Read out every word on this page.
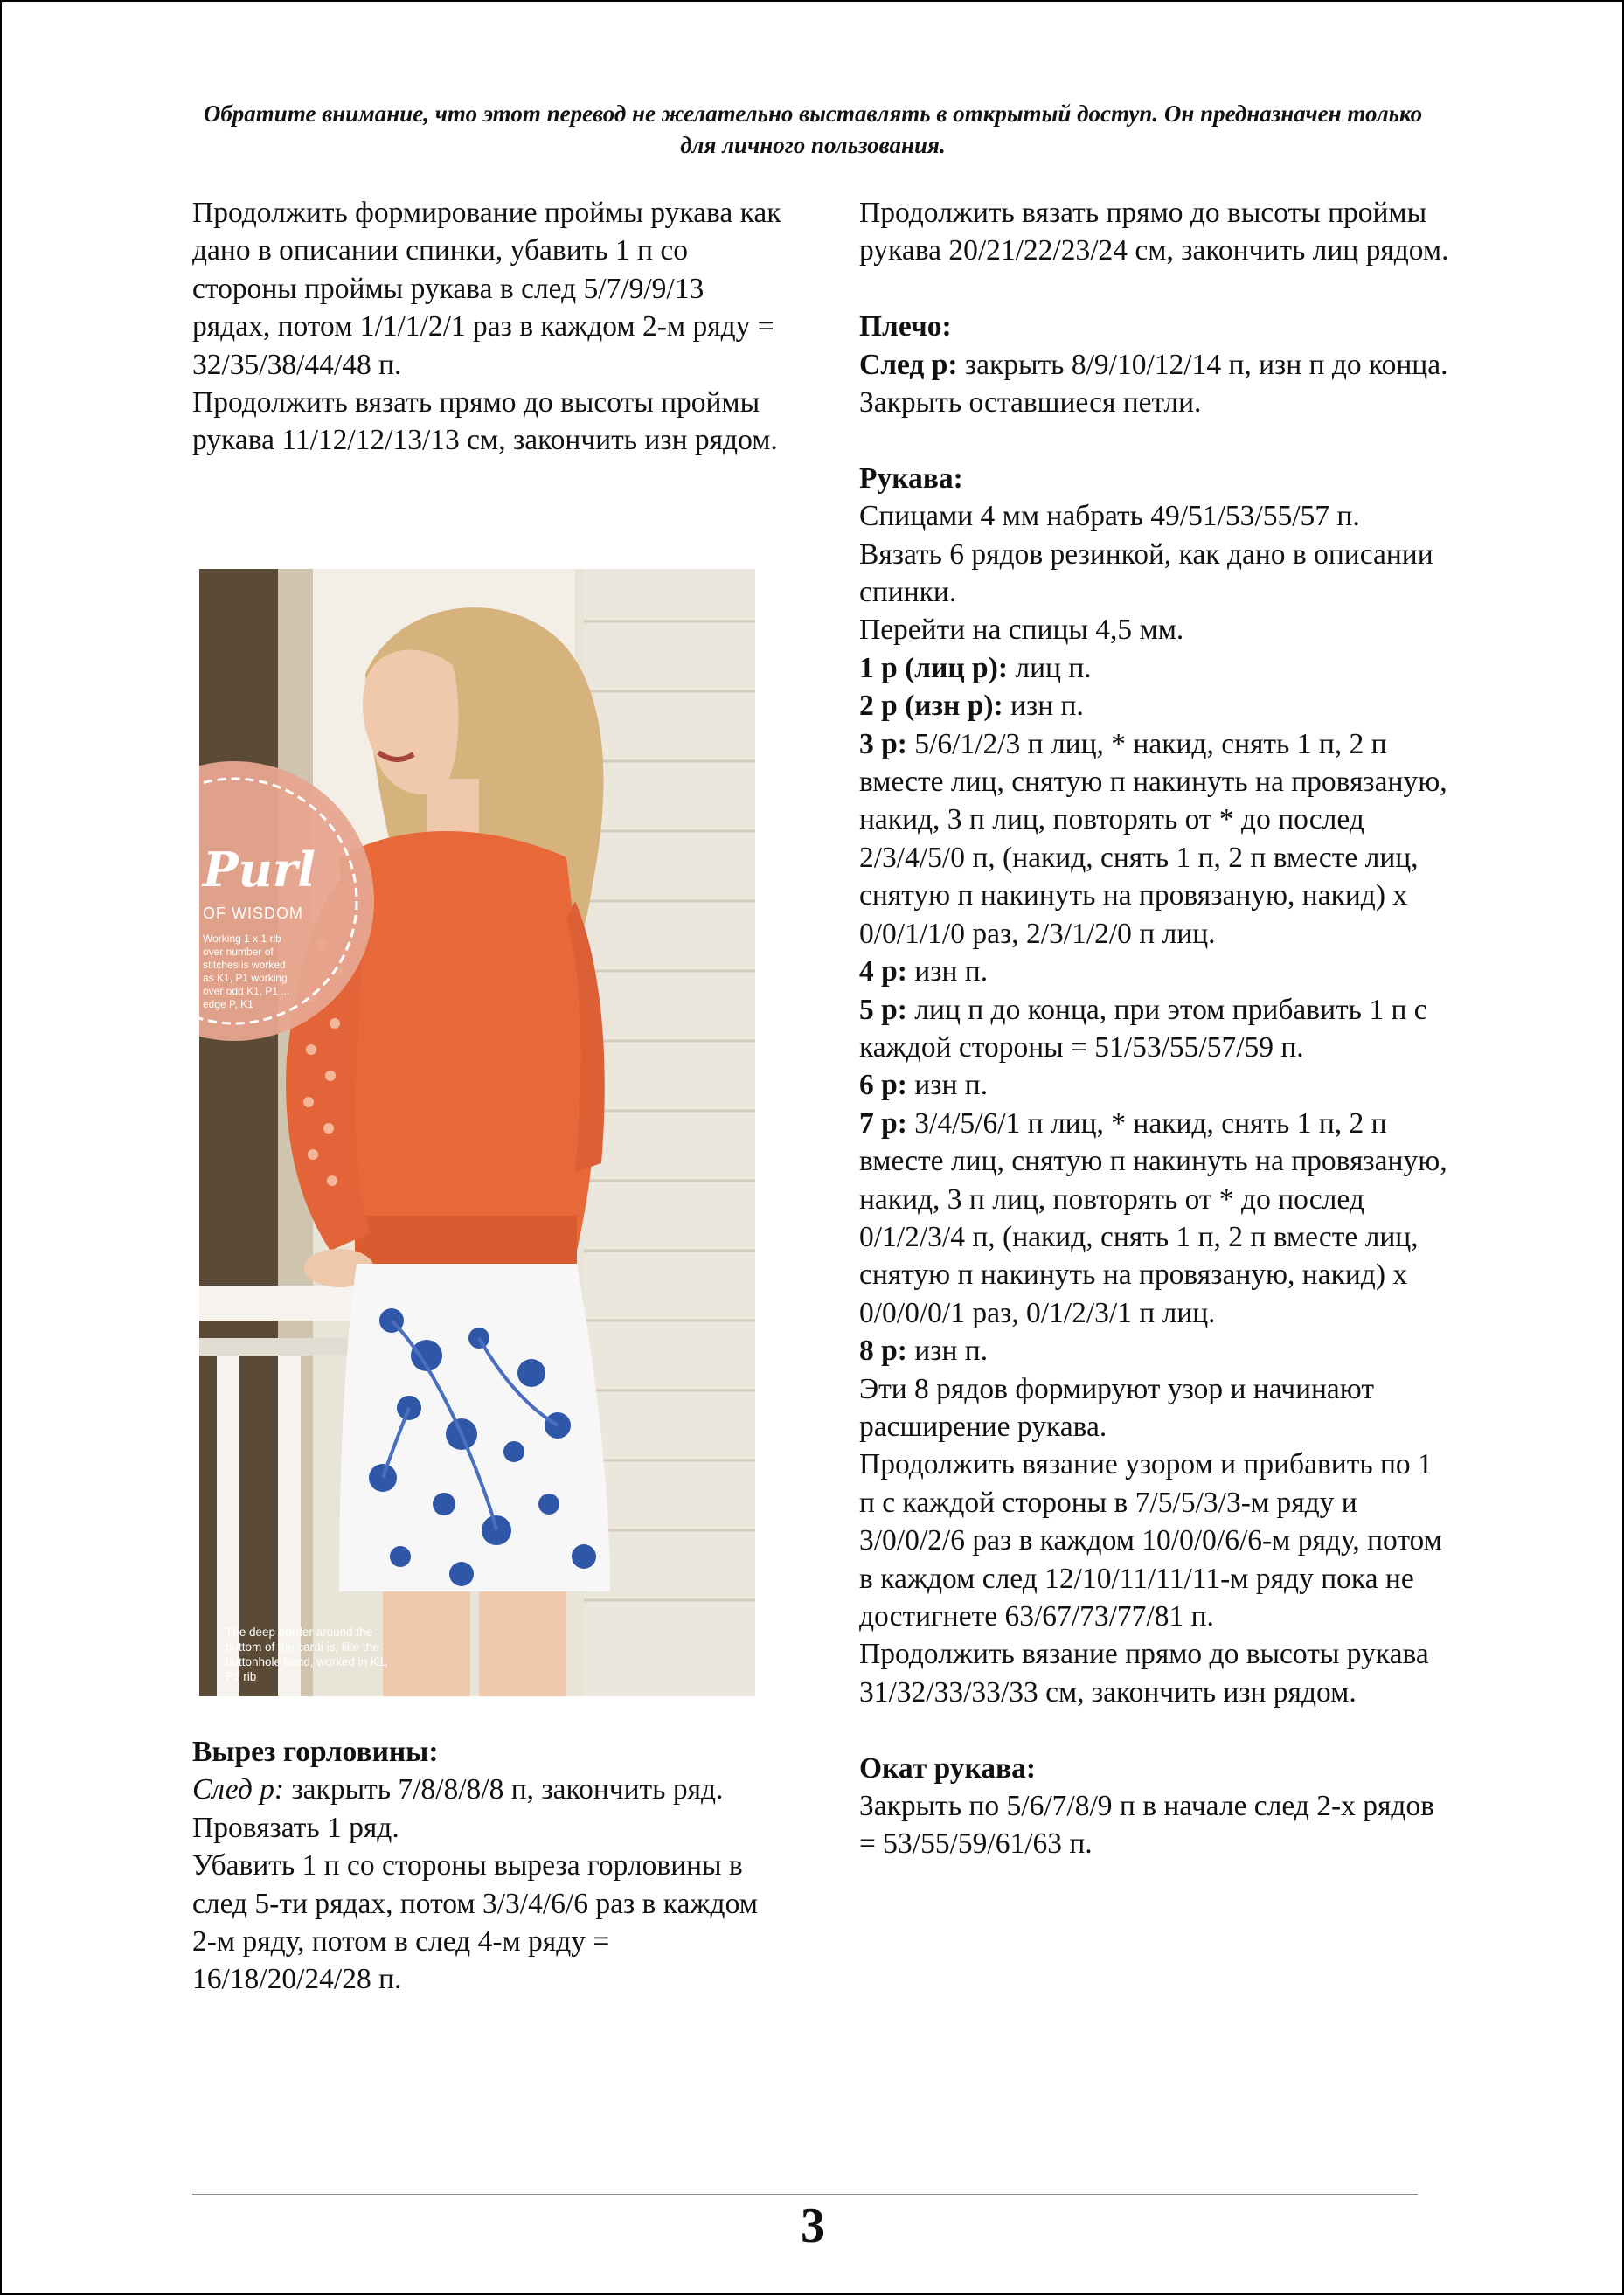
Обратите внимание, что этот перевод не желательно выставлять в открытый доступ. Он предназначен только для личного пользования.

Продолжить формирование проймы рукава как дано в описании спинки, убавить 1 п со стороны проймы рукава в след 5/7/9/9/13 рядах, потом 1/1/1/2/1 раз в каждом 2-м ряду = 32/35/38/44/48 п.

Продолжить вязать прямо до высоты проймы рукава 11/12/12/13/13 см, закончить изн рядом.

Purl
OF WISDOM
Working 1 x 1 rib over number of stitches is worked as K1, P1 working over odd K1, P1 ... edge P, K1
The deep border around the bottom of the cardi is, like the buttonhole band, worked in K1, P1 rib

Вырез горловины:

След р: закрыть 7/8/8/8/8 п, закончить ряд.

Провязать 1 ряд.

Убавить 1 п со стороны выреза горловины в след 5-ти рядах, потом 3/3/4/6/6 раз в каждом 2-м ряду, потом в след 4-м ряду = 16/18/20/24/28 п.

Продолжить вязать прямо до высоты проймы рукава 20/21/22/23/24 см, закончить лиц рядом.

Плечо:

След р: закрыть 8/9/10/12/14 п, изн п до конца.

Закрыть оставшиеся петли.

Рукава:

Спицами 4 мм набрать 49/51/53/55/57 п.

Вязать 6 рядов резинкой, как дано в описании спинки.

Перейти на спицы 4,5 мм.

1 р (лиц р): лиц п.

2 р (изн р): изн п.

3 р: 5/6/1/2/3 п лиц, * накид, снять 1 п, 2 п вместе лиц, снятую п накинуть на провязаную, накид, 3 п лиц, повторять от * до послед 2/3/4/5/0 п, (накид, снять 1 п, 2 п вместе лиц, снятую п накинуть на провязаную, накид) х 0/0/1/1/0 раз, 2/3/1/2/0 п лиц.

4 р: изн п.

5 р: лиц п до конца, при этом прибавить 1 п с каждой стороны = 51/53/55/57/59 п.

6 р: изн п.

7 р: 3/4/5/6/1 п лиц, * накид, снять 1 п, 2 п вместе лиц, снятую п накинуть на провязаную, накид, 3 п лиц, повторять от * до послед 0/1/2/3/4 п, (накид, снять 1 п, 2 п вместе лиц, снятую п накинуть на провязаную, накид) х 0/0/0/0/1 раз, 0/1/2/3/1 п лиц.

8 р: изн п.

Эти 8 рядов формируют узор и начинают расширение рукава.

Продолжить вязание узором и прибавить по 1 п с каждой стороны в 7/5/5/3/3-м ряду и 3/0/0/2/6 раз в каждом 10/0/0/6/6-м ряду, потом в каждом след 12/10/11/11/11-м ряду пока не достигнете 63/67/73/77/81 п.

Продолжить вязание прямо до высоты рукава 31/32/33/33/33 см, закончить изн рядом.

Окат рукава:

Закрыть по 5/6/7/8/9 п в начале след 2-х рядов = 53/55/59/61/63 п.

3
